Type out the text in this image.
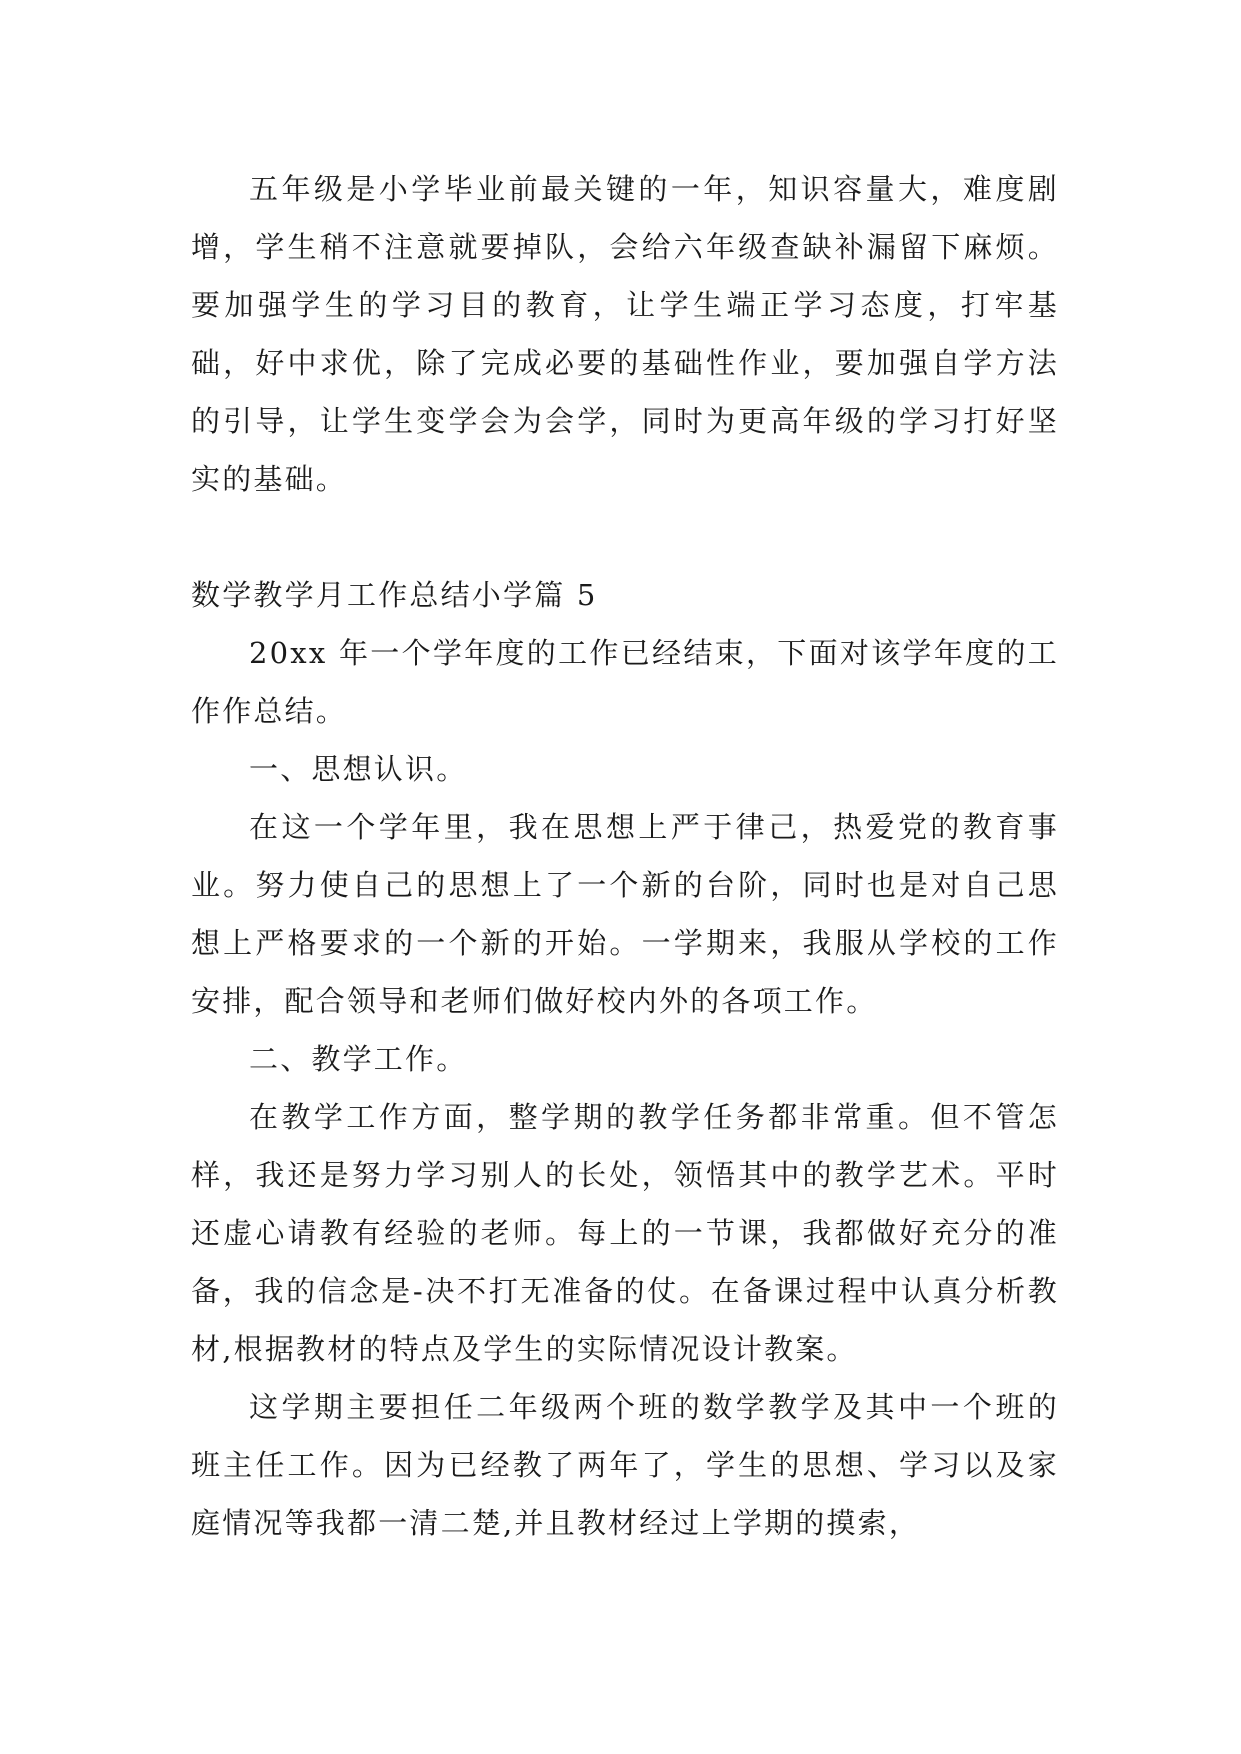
五年级是小学毕业前最关键的一年，知识容量大，难度剧增，学生稍不注意就要掉队，会给六年级查缺补漏留下麻烦。要加强学生的学习目的教育，让学生端正学习态度，打牢基础，好中求优，除了完成必要的基础性作业，要加强自学方法的引导，让学生变学会为会学，同时为更高年级的学习打好坚实的基础。

数学教学月工作总结小学篇 5

20xx 年一个学年度的工作已经结束，下面对该学年度的工作作总结。

一、思想认识。

在这一个学年里，我在思想上严于律己，热爱党的教育事业。努力使自己的思想上了一个新的台阶，同时也是对自己思想上严格要求的一个新的开始。一学期来，我服从学校的工作安排，配合领导和老师们做好校内外的各项工作。

二、教学工作。

在教学工作方面，整学期的教学任务都非常重。但不管怎样，我还是努力学习别人的长处，领悟其中的教学艺术。平时还虚心请教有经验的老师。每上的一节课，我都做好充分的准备，我的信念是-决不打无准备的仗。在备课过程中认真分析教材,根据教材的特点及学生的实际情况设计教案。

这学期主要担任二年级两个班的数学教学及其中一个班的班主任工作。因为已经教了两年了，学生的思想、学习以及家庭情况等我都一清二楚,并且教材经过上学期的摸索，
